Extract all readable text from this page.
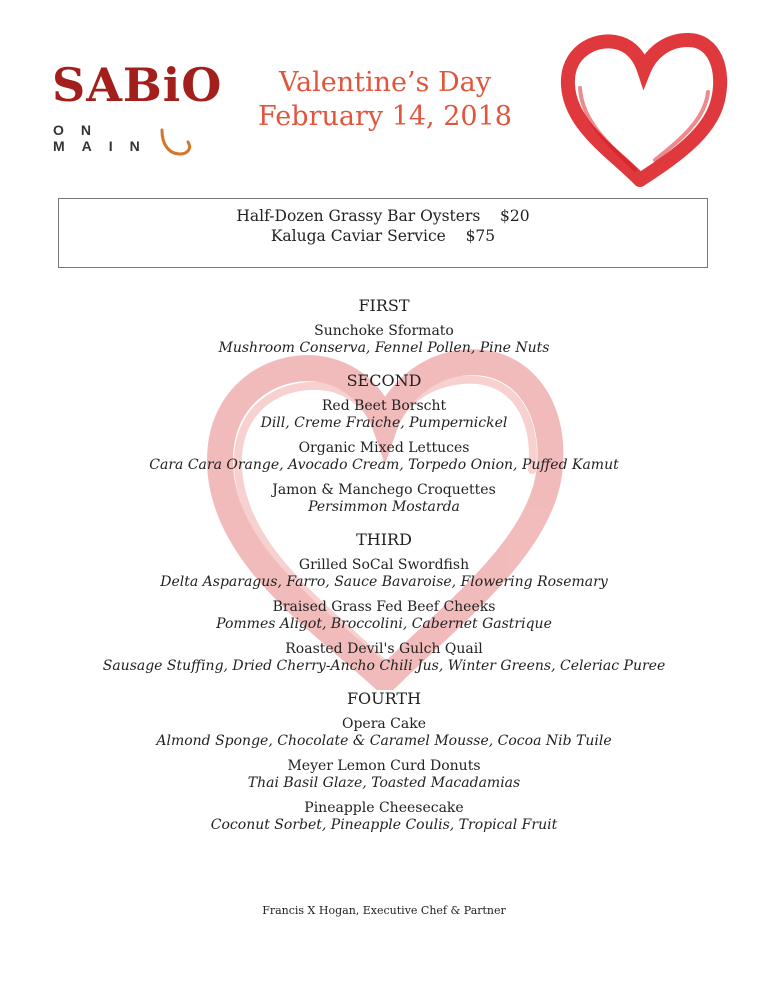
SABiO
ON MAIN
Valentine’s Day
February 14, 2018
Half-Dozen Grassy Bar Oysters    $20
Kaluga Caviar Service    $75
FIRST
Sunchoke Sformato
Mushroom Conserva, Fennel Pollen, Pine Nuts
SECOND
Red Beet Borscht
Dill, Creme Fraiche, Pumpernickel
Organic Mixed Lettuces
Cara Cara Orange, Avocado Cream, Torpedo Onion, Puffed Kamut
Jamon & Manchego Croquettes
Persimmon Mostarda
THIRD
Grilled SoCal Swordfish
Delta Asparagus, Farro, Sauce Bavaroise, Flowering Rosemary
Braised Grass Fed Beef Cheeks
Pommes Aligot, Broccolini, Cabernet Gastrique
Roasted Devil's Gulch Quail
Sausage Stuffing, Dried Cherry-Ancho Chili Jus, Winter Greens, Celeriac Puree
FOURTH
Opera Cake
Almond Sponge, Chocolate & Caramel Mousse, Cocoa Nib Tuile
Meyer Lemon Curd Donuts
Thai Basil Glaze, Toasted Macadamias
Pineapple Cheesecake
Coconut Sorbet, Pineapple Coulis, Tropical Fruit
Francis X Hogan, Executive Chef & Partner
